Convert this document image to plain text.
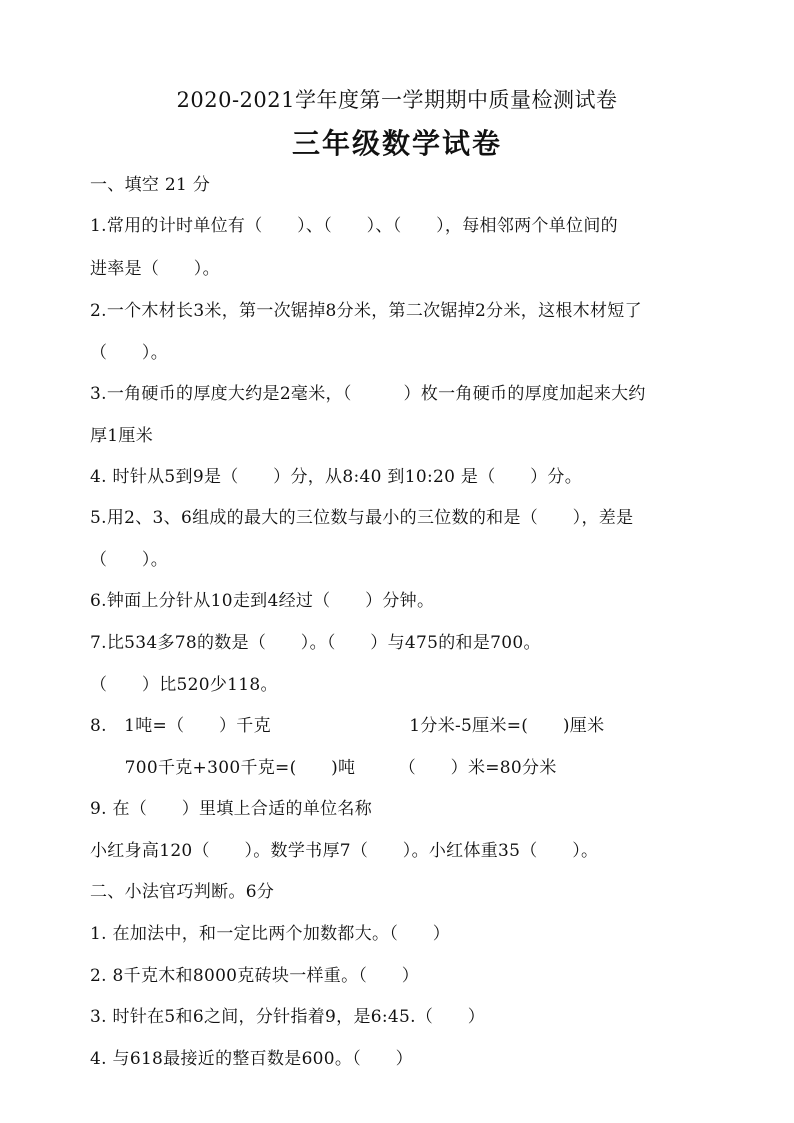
2020-2021学年度第一学期期中质量检测试卷
三年级数学试卷
一、填空 21 分
1.常用的计时单位有（　　）、（　　）、（　　），每相邻两个单位间的
进率是（　　）。
2.一个木材长3米，第一次锯掉8分米，第二次锯掉2分米，这根木材短了
（　　）。
3.一角硬币的厚度大约是2毫米，（　　　）枚一角硬币的厚度加起来大约
厚1厘米
4. 时针从5到9是（　　）分，从8:40 到10:20 是（　　）分。
5.用2、3、6组成的最大的三位数与最小的三位数的和是（　　），差是
（　　）。
6.钟面上分针从10走到4经过（　　）分钟。
7.比534多78的数是（　　）。（　　）与475的和是700。
（　　）比520少118。
8.　1吨=（　　）千克　　　　　　　　1分米-5厘米=(　　)厘米
　　700千克+300千克=(　　)吨　　　（　　）米=80分米
9. 在（　　）里填上合适的单位名称
小红身高120（　　）。数学书厚7（　　）。小红体重35（　　）。
二、小法官巧判断。6分
1. 在加法中，和一定比两个加数都大。（　　）
2. 8千克木和8000克砖块一样重。（　　）
3. 时针在5和6之间，分针指着9，是6:45.（　　）
4. 与618最接近的整百数是600。（　　）
